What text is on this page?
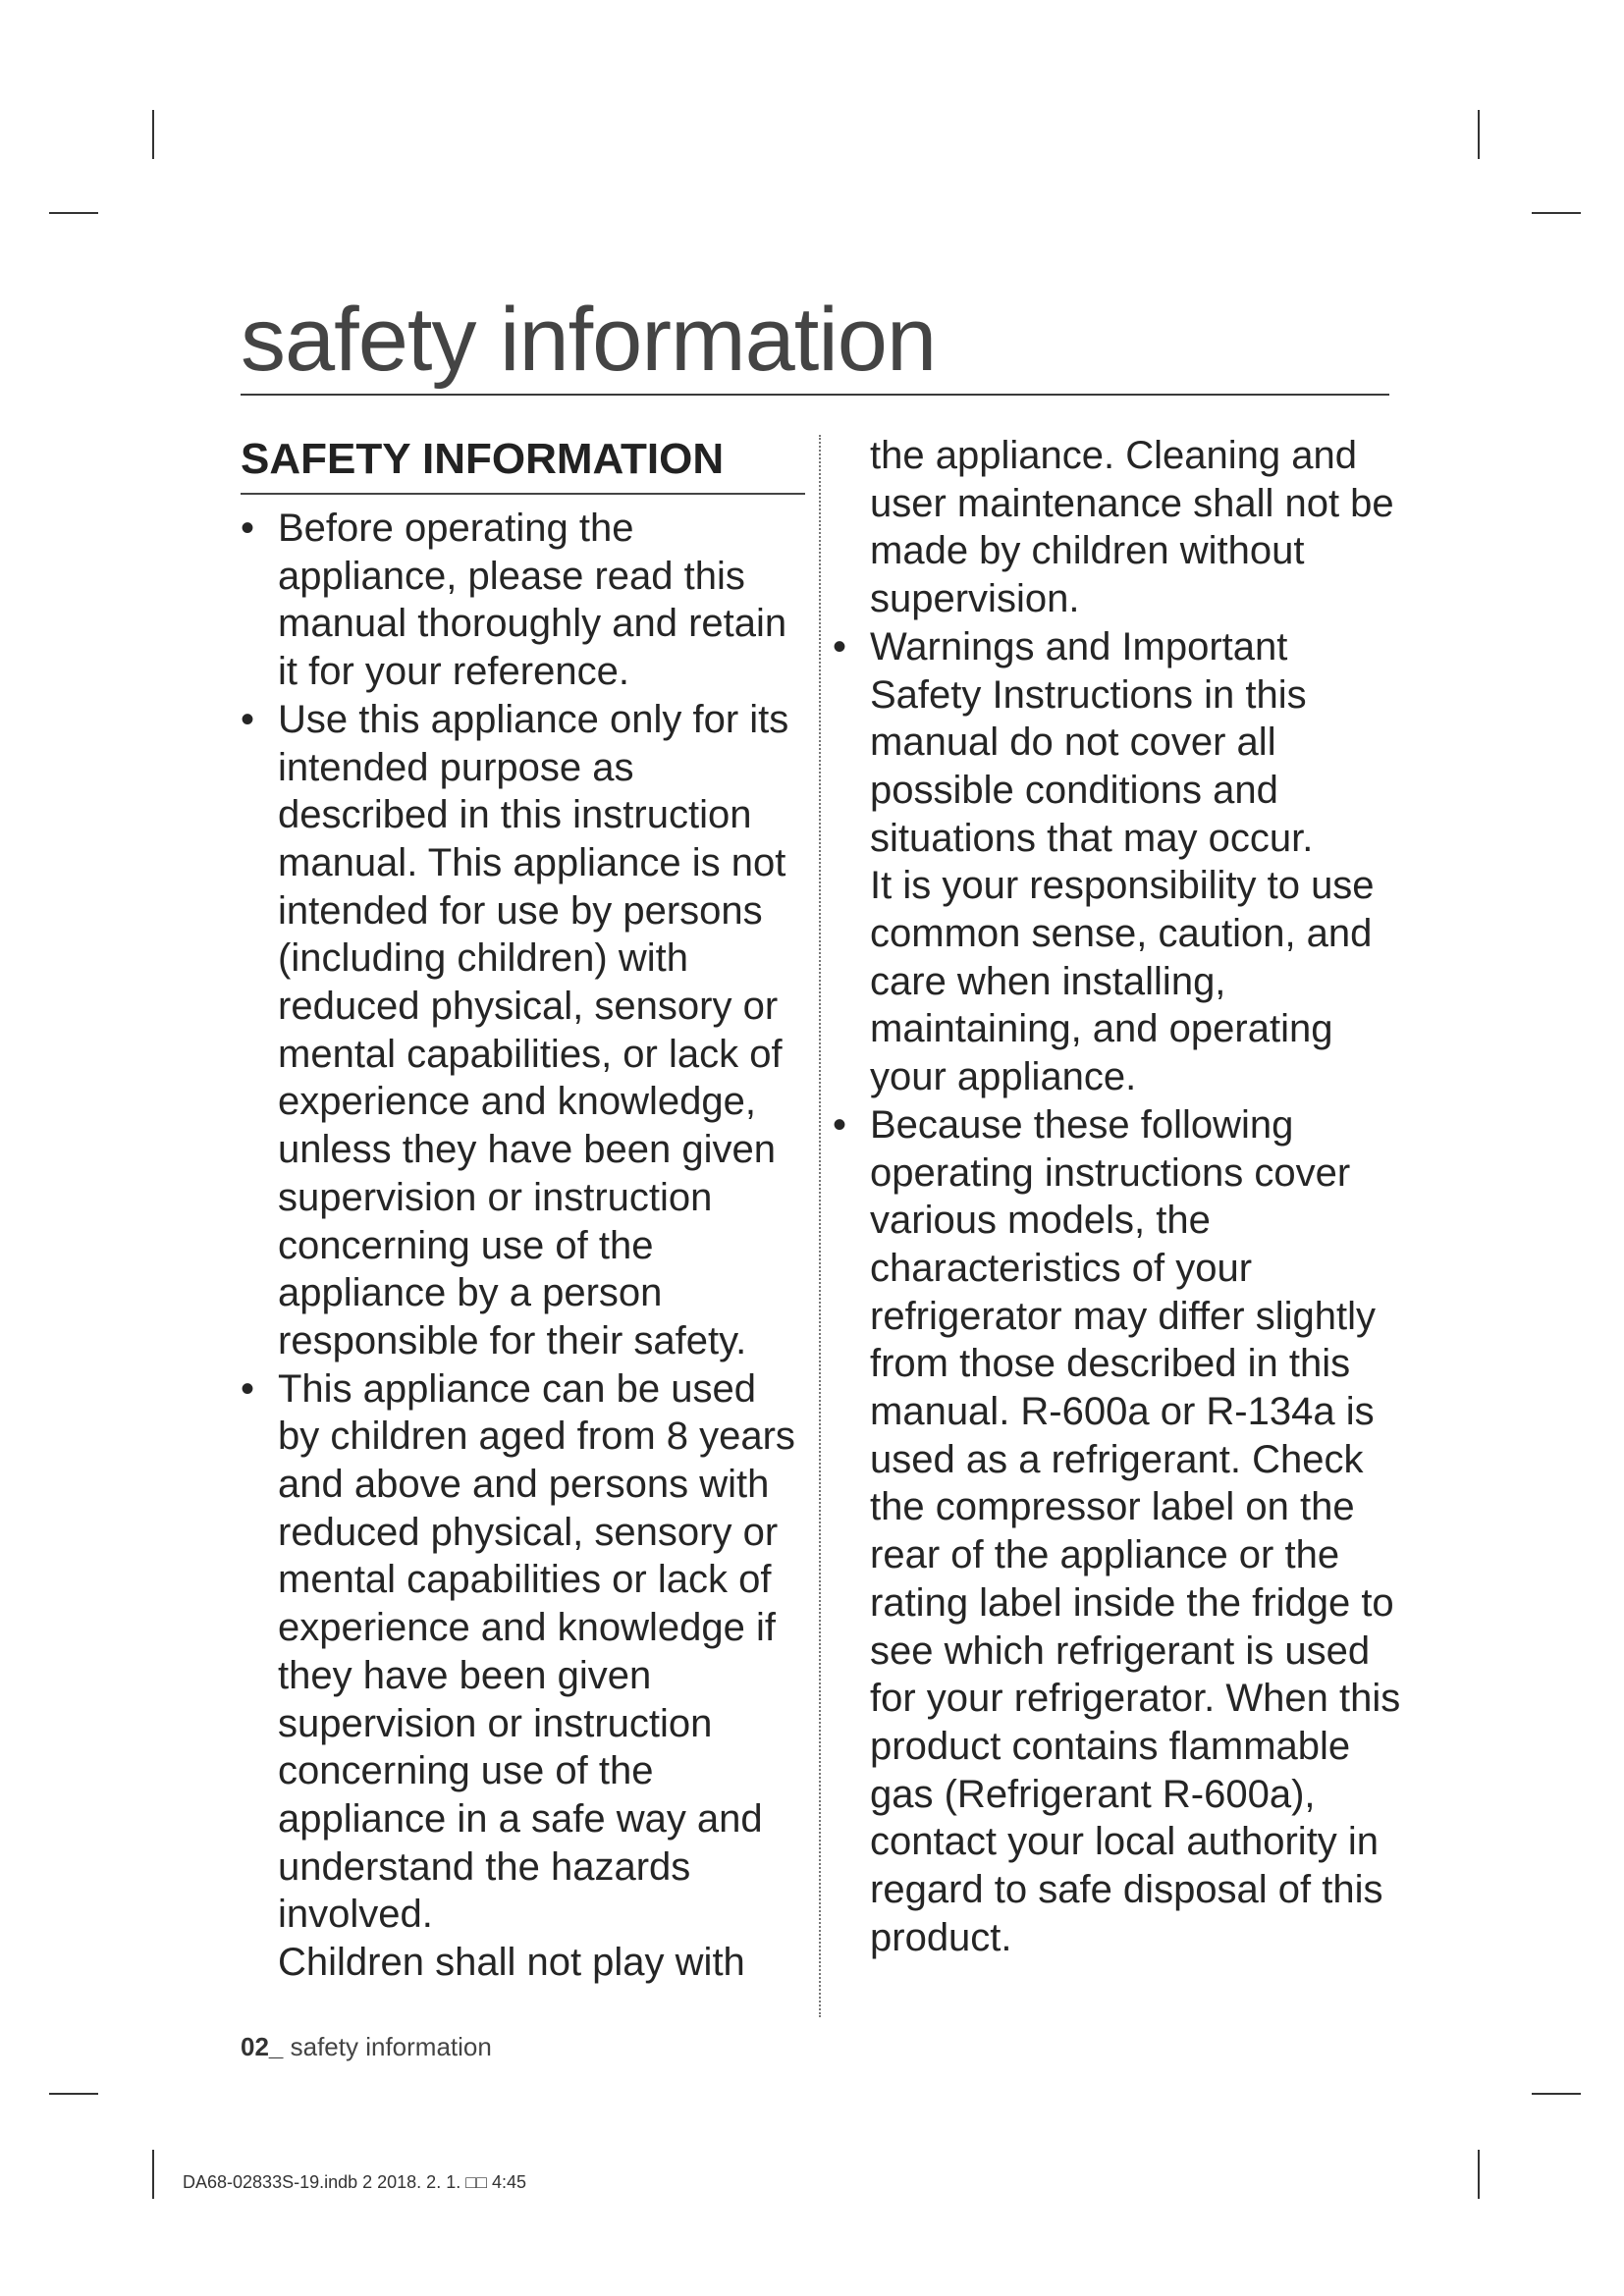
safety information
SAFETY INFORMATION
• Before operating the appliance, please read this manual thoroughly and retain it for your reference.
• Use this appliance only for its intended purpose as described in this instruction manual. This appliance is not intended for use by persons (including children) with reduced physical, sensory or mental capabilities, or lack of experience and knowledge, unless they have been given supervision or instruction concerning use of the appliance by a person responsible for their safety.
• This appliance can be used by children aged from 8 years and above and persons with reduced physical, sensory or mental capabilities or lack of experience and knowledge if they have been given supervision or instruction concerning use of the appliance in a safe way and understand the hazards involved.
Children shall not play with
the appliance. Cleaning and user maintenance shall not be made by children without supervision.
• Warnings and Important Safety Instructions in this manual do not cover all possible conditions and situations that may occur.
It is your responsibility to use common sense, caution, and care when installing, maintaining, and operating your appliance.
• Because these following operating instructions cover various models, the characteristics of your refrigerator may differ slightly from those described in this manual. R-600a or R-134a is used as a refrigerant. Check the compressor label on the rear of the appliance or the rating label inside the fridge to see which refrigerant is used for your refrigerator. When this product contains flammable gas (Refrigerant R-600a), contact your local authority in regard to safe disposal of this product.
02_ safety information
DA68-02833S-19.indb 2 2018. 2. 1. □□ 4:45
